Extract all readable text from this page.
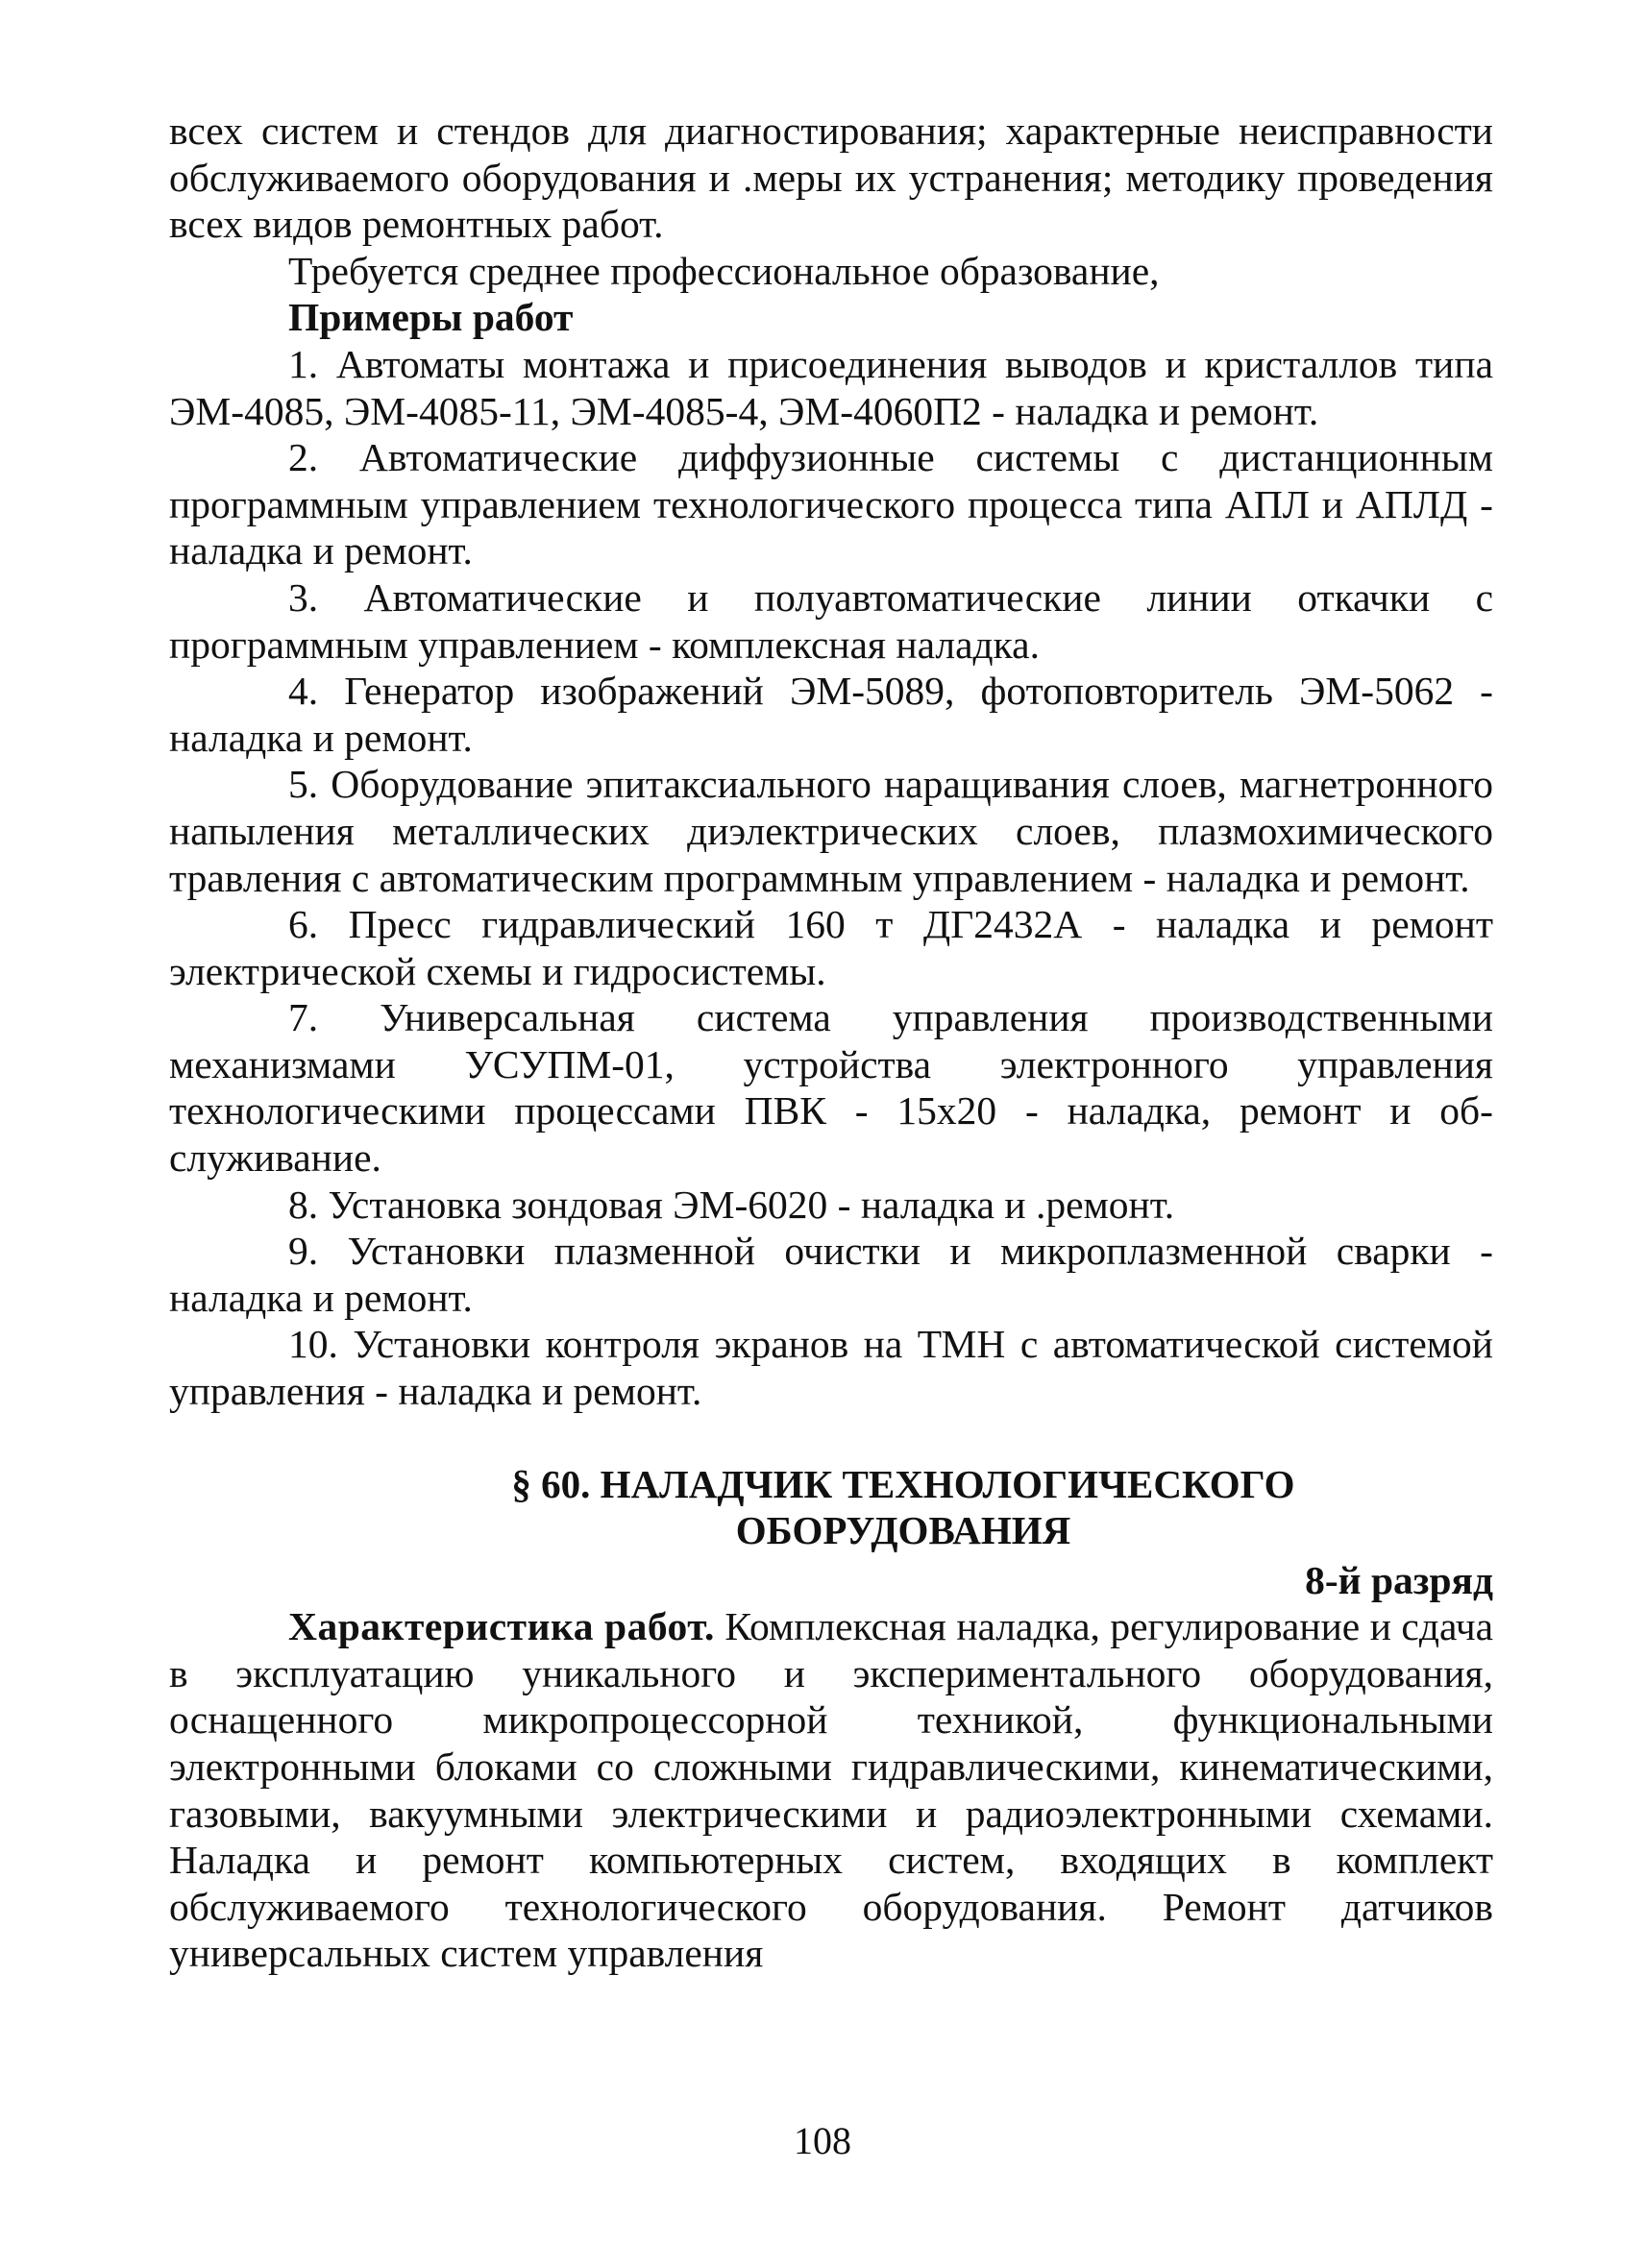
всех систем и стендов для диагностирования; характерные неисправности обслуживаемого оборудования и .меры их устранения; методику проведения всех видов ремонтных работ.

Требуется среднее профессиональное образование,

Примеры работ

1. Автоматы монтажа и присоединения выводов и кристаллов типа ЭМ-4085, ЭМ-4085-11, ЭМ-4085-4, ЭМ-4060П2 - наладка и ремонт.

2. Автоматические диффузионные системы с дистанционным программным управлением технологического процесса типа АПЛ и АПЛД - наладка и ремонт.

3. Автоматические и полуавтоматические линии откачки с программным управлением - комплексная наладка.

4. Генератор изображений ЭМ-5089, фотоповторитель ЭМ-5062 - наладка и ремонт.

5. Оборудование эпитаксиального наращивания слоев, магнетронного напыления металлических диэлектрических слоев, плазмохимического травления с автоматическим программным управлением - наладка и ремонт.

6. Пресс гидравлический 160 т ДГ2432А - наладка и ремонт электрической схемы и гидросистемы.

7. Универсальная система управления производственными механизмами УСУПМ-01, устройства электронного управления технологическими процессами ПВК - 15x20 - наладка, ремонт и обслуживание.

8. Установка зондовая ЭМ-6020 - наладка и .ремонт.

9. Установки плазменной очистки и микроплазменной сварки - наладка и ремонт.

10. Установки контроля экранов на ТМН с автоматической системой управления - наладка и ремонт.

§ 60. НАЛАДЧИК ТЕХНОЛОГИЧЕСКОГО
ОБОРУДОВАНИЯ
8-й разряд

Характеристика работ. Комплексная наладка, регулирование и сдача в эксплуатацию уникального и экспериментального оборудования, оснащенного микропроцессорной техникой, функциональными электронными блоками со сложными гидравлическими, кинематическими, газовыми, вакуумными электрическими и радиоэлектронными схемами. Наладка и ремонт компьютерных систем, входящих в комплект обслуживаемого технологического оборудования. Ремонт датчиков универсальных систем управления

108
